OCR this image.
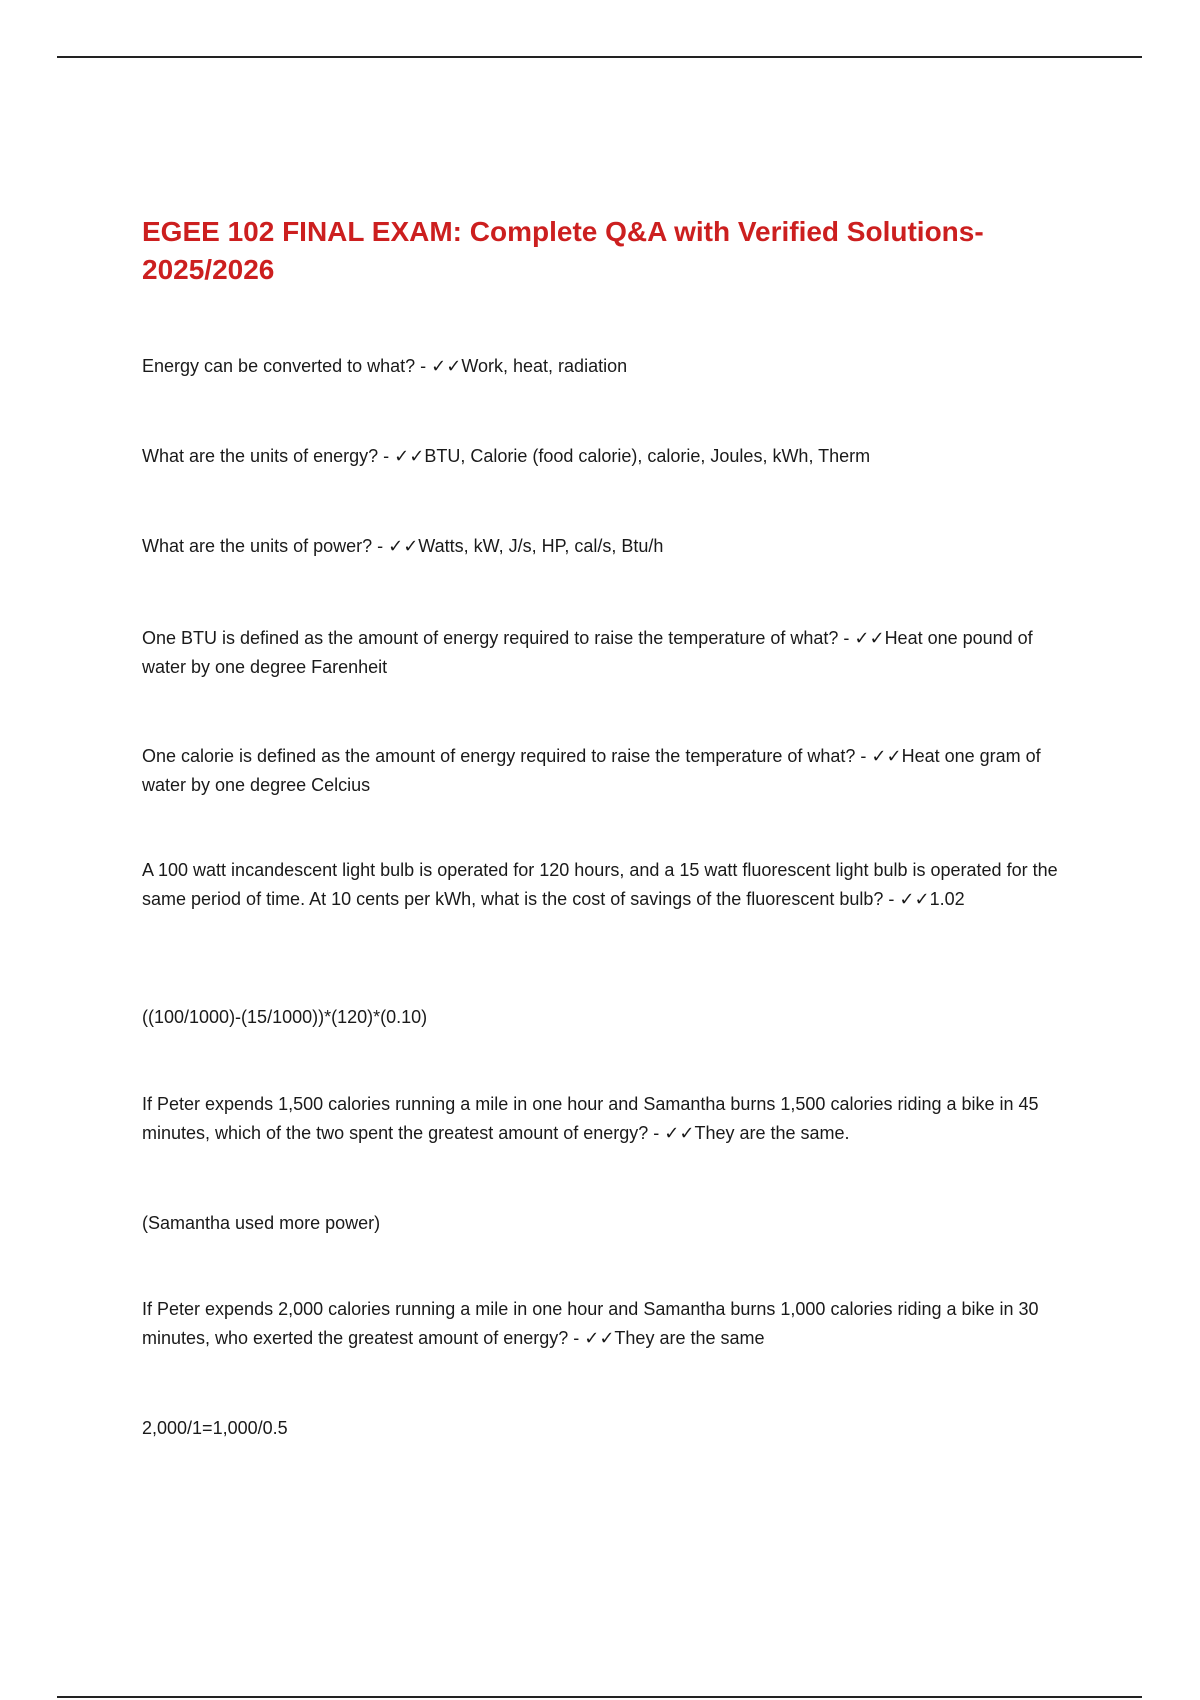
EGEE 102 FINAL EXAM: Complete Q&A with Verified Solutions-2025/2026

Energy can be converted to what? - ✓✓Work, heat, radiation

What are the units of energy? - ✓✓BTU, Calorie (food calorie), calorie, Joules, kWh, Therm

What are the units of power? - ✓✓Watts, kW, J/s, HP, cal/s, Btu/h

One BTU is defined as the amount of energy required to raise the temperature of what? - ✓✓Heat one pound of water by one degree Farenheit

One calorie is defined as the amount of energy required to raise the temperature of what? - ✓✓Heat one gram of water by one degree Celcius

A 100 watt incandescent light bulb is operated for 120 hours, and a 15 watt fluorescent light bulb is operated for the same period of time. At 10 cents per kWh, what is the cost of savings of the fluorescent bulb? - ✓✓1.02

((100/1000)-(15/1000))*(120)*(0.10)

If Peter expends 1,500 calories running a mile in one hour and Samantha burns 1,500 calories riding a bike in 45 minutes, which of the two spent the greatest amount of energy? - ✓✓They are the same.

(Samantha used more power)

If Peter expends 2,000 calories running a mile in one hour and Samantha burns 1,000 calories riding a bike in 30 minutes, who exerted the greatest amount of energy? - ✓✓They are the same

2,000/1=1,000/0.5
